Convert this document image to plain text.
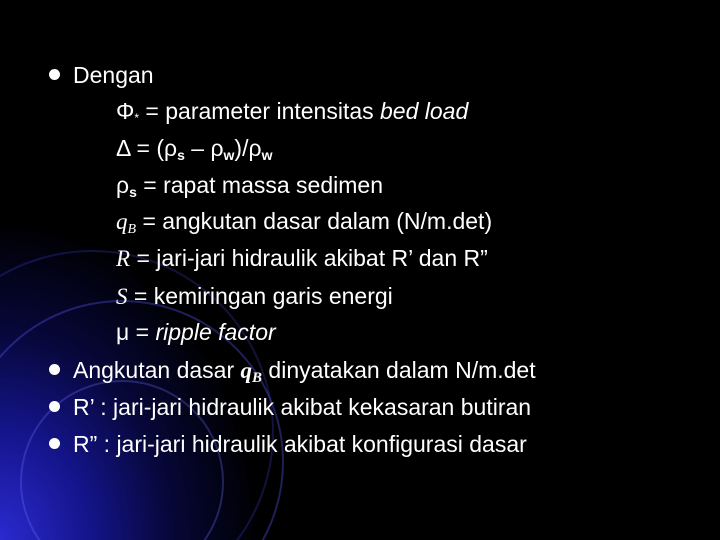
Dengan
Φ* = parameter intensitas bed load
$\Delta = (\rho_s - \rho_w)/\rho_w$
$\rho_s$ = rapat massa sedimen
$q_B$ = angkutan dasar dalam (N/m.det)
R = jari-jari hidraulik akibat R’ dan R”
S = kemiringan garis energi
μ = ripple factor
Angkutan dasar qB dinyatakan dalam N/m.det
R’ : jari-jari hidraulik akibat kekasaran butiran
R” : jari-jari hidraulik akibat konfigurasi dasar
